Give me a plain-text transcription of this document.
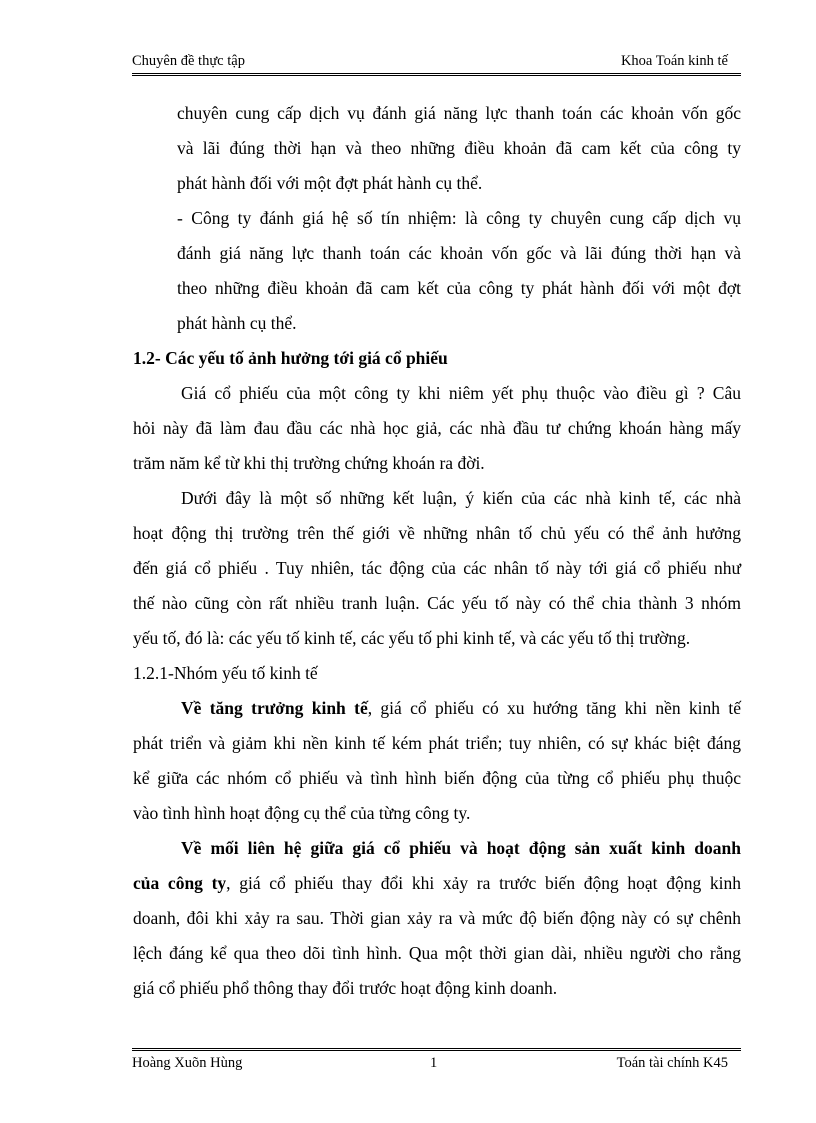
Chuyên đề thực tập	Khoa Toán kinh tế

chuyên cung cấp dịch vụ đánh giá năng lực thanh toán các khoản vốn gốc

và lãi đúng thời hạn và theo những điều khoản đã cam kết của công ty

phát hành đối với một đợt phát hành cụ thể.

- Công ty đánh giá hệ số tín nhiệm: là công ty chuyên cung cấp dịch vụ

đánh giá năng lực thanh toán các khoản vốn gốc và lãi đúng thời hạn và

theo những điều khoản đã cam kết của công ty phát hành đối với một đợt

phát hành cụ thể.

1.2- Các yếu tố ảnh hưởng tới giá cổ phiếu

Giá cổ phiếu của một công ty khi niêm yết phụ thuộc vào điều gì ? Câu

hỏi này đã làm đau đầu các nhà học giả, các nhà đầu tư chứng khoán hàng mấy

trăm năm kể từ khi thị trường chứng khoán ra đời.

Dưới đây là một số những kết luận, ý kiến của các nhà kinh tế, các nhà

hoạt động thị trường trên thế giới về những nhân tố chủ yếu có thể ảnh hưởng

đến giá cổ phiếu . Tuy nhiên, tác động của các nhân tố này tới giá cổ phiếu như

thế nào cũng còn rất nhiều tranh luận. Các yếu tố này có thể chia thành 3 nhóm

yếu tố, đó là: các yếu tố kinh tế, các yếu tố phi kinh tế, và các yếu tố thị trường.

1.2.1-Nhóm yếu tố kinh tế

Về tăng trưởng kinh tế, giá cổ phiếu có xu hướng tăng khi nền kinh tế

phát triển và giảm khi nền kinh tế kém phát triển; tuy nhiên, có sự khác biệt đáng

kể giữa các nhóm cổ phiếu và tình hình biến động của từng cổ phiếu phụ thuộc

vào tình hình hoạt động cụ thể của từng công ty.

Về mối liên hệ giữa giá cổ phiếu và hoạt động sản xuất kinh doanh

của công ty, giá cổ phiếu thay đổi khi xảy ra trước biến động hoạt động kinh

doanh, đôi khi xảy ra sau. Thời gian xảy ra và mức độ biến động này có sự chênh

lệch đáng kể qua theo dõi tình hình. Qua một thời gian dài, nhiều người cho rằng

giá cổ phiếu phổ thông thay đổi trước hoạt động kinh doanh.

Hoàng Xuõn Hùng	1	Toán tài chính K45
